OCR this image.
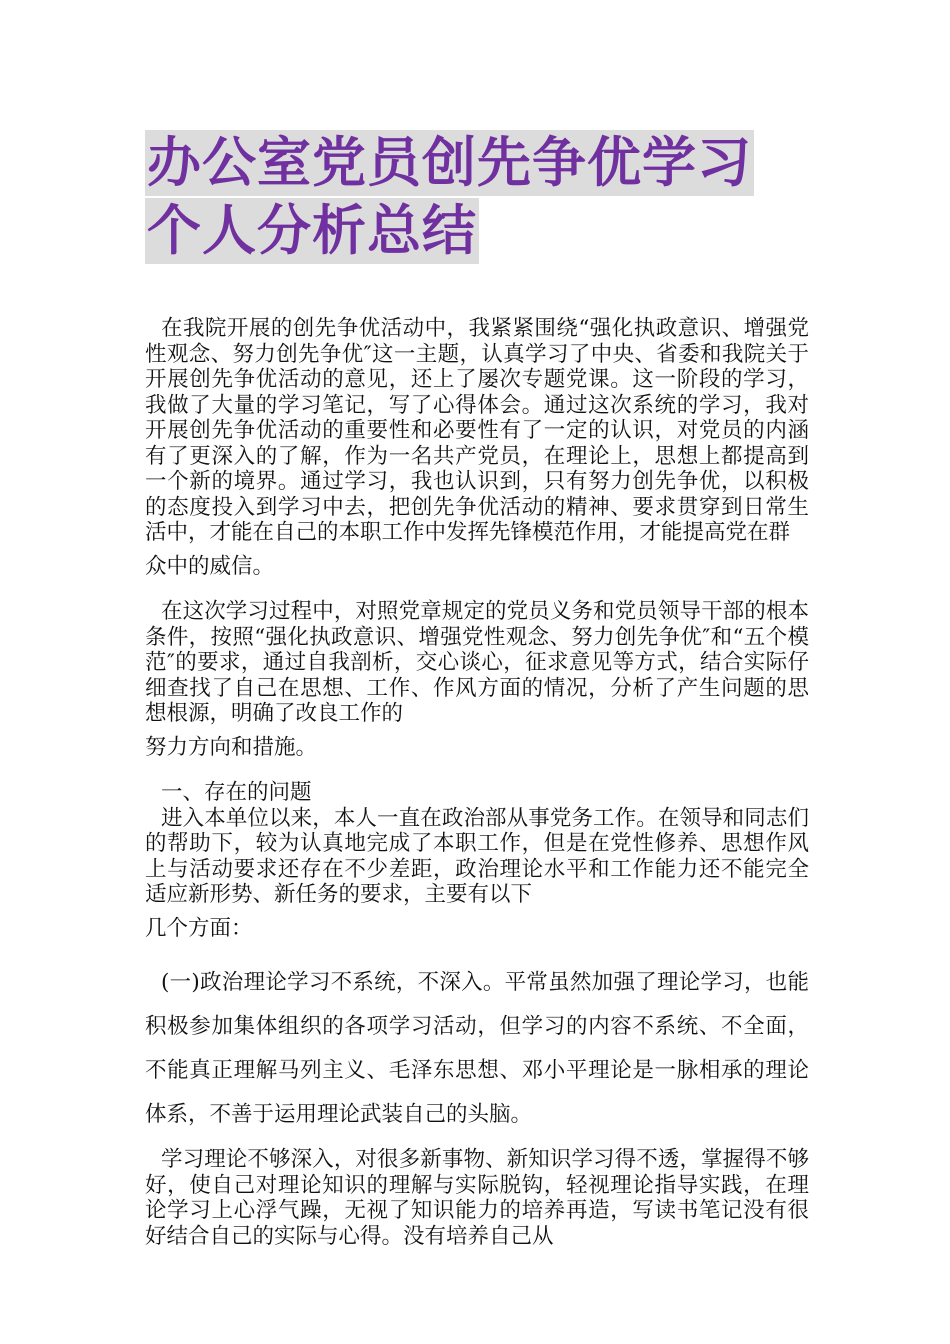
办公室党员创先争优学习
个人分析总结

在我院开展的创先争优活动中，我紧紧围绕“强化执政意识、增强党性观念、努力创先争优″这一主题，认真学习了中央、省委和我院关于开展创先争优活动的意见，还上了屡次专题党课。这一阶段的学习，我做了大量的学习笔记，写了心得体会。通过这次系统的学习，我对开展创先争优活动的重要性和必要性有了一定的认识，对党员的内涵有了更深入的了解，作为一名共产党员，在理论上，思想上都提高到一个新的境界。通过学习，我也认识到，只有努力创先争优，以积极的态度投入到学习中去，把创先争优活动的精神、要求贯穿到日常生活中，才能在自己的本职工作中发挥先锋模范作用，才能提高党在群

众中的威信。

在这次学习过程中，对照党章规定的党员义务和党员领导干部的根本条件，按照“强化执政意识、增强党性观念、努力创先争优″和“五个模范″的要求，通过自我剖析，交心谈心，征求意见等方式，结合实际仔细查找了自己在思想、工作、作风方面的情况，分析了产生问题的思想根源，明确了改良工作的

努力方向和措施。

一、存在的问题

进入本单位以来，本人一直在政治部从事党务工作。在领导和同志们的帮助下，较为认真地完成了本职工作，但是在党性修养、思想作风上与活动要求还存在不少差距，政治理论水平和工作能力还不能完全适应新形势、新任务的要求，主要有以下

几个方面：

(一)政治理论学习不系统，不深入。平常虽然加强了理论学习，也能积极参加集体组织的各项学习活动，但学习的内容不系统、不全面，不能真正理解马列主义、毛泽东思想、邓小平理论是一脉相承的理论体系，不善于运用理论武装自己的头脑。

学习理论不够深入，对很多新事物、新知识学习得不透，掌握得不够好，使自己对理论知识的理解与实际脱钩，轻视理论指导实践，在理论学习上心浮气躁，无视了知识能力的培养再造，写读书笔记没有很好结合自己的实际与心得。没有培养自己从
